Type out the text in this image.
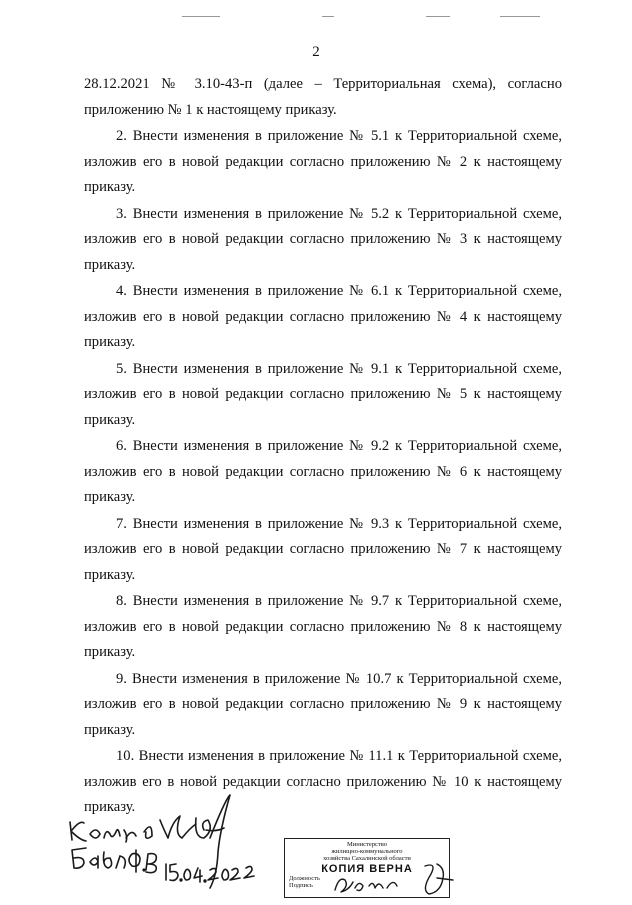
2

28.12.2021 № 3.10-43-п (далее – Территориальная схема), согласно приложению № 1 к настоящему приказу.

2. Внести изменения в приложение № 5.1 к Территориальной схеме, изложив его в новой редакции согласно приложению № 2 к настоящему приказу.

3. Внести изменения в приложение № 5.2 к Территориальной схеме, изложив его в новой редакции согласно приложению № 3 к настоящему приказу.

4. Внести изменения в приложение № 6.1 к Территориальной схеме, изложив его в новой редакции согласно приложению № 4 к настоящему приказу.

5. Внести изменения в приложение № 9.1 к Территориальной схеме, изложив его в новой редакции согласно приложению № 5 к настоящему приказу.

6. Внести изменения в приложение № 9.2 к Территориальной схеме, изложив его в новой редакции согласно приложению № 6 к настоящему приказу.

7. Внести изменения в приложение № 9.3 к Территориальной схеме, изложив его в новой редакции согласно приложению № 7 к настоящему приказу.

8. Внести изменения в приложение № 9.7 к Территориальной схеме, изложив его в новой редакции согласно приложению № 8 к настоящему приказу.

9. Внести изменения в приложение № 10.7 к Территориальной схеме, изложив его в новой редакции согласно приложению № 9 к настоящему приказу.

10. Внести изменения в приложение № 11.1 к Территориальной схеме, изложив его в новой редакции согласно приложению № 10 к настоящему приказу.

Министерство
жилищно-коммунального
хозяйства Сахалинской области
КОПИЯ ВЕРНА
Должность
Подпись
